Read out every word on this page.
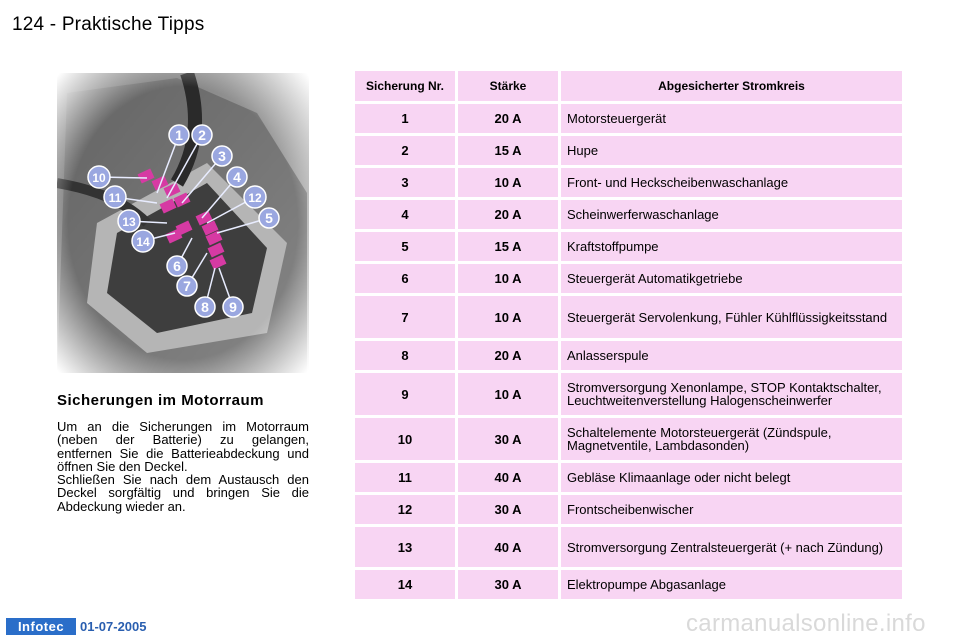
124 - Praktische Tipps
Sicherungen im Motorraum
Um an die Sicherungen im Motorraum (neben der Batterie) zu gelangen, entfernen Sie die Batterieabdeckung und öffnen Sie den Deckel.
Schließen Sie nach dem Austausch den Deckel sorgfältig und bringen Sie die Abdeckung wieder an.
Sicherung Nr.	Stärke	Abgesicherter Stromkreis
1	20 A	Motorsteuergerät
2	15 A	Hupe
3	10 A	Front- und Heckscheibenwaschanlage
4	20 A	Scheinwerferwaschanlage
5	15 A	Kraftstoffpumpe
6	10 A	Steuergerät Automatikgetriebe
7	10 A	Steuergerät Servolenkung, Fühler Kühlflüssigkeitsstand
8	20 A	Anlasserspule
9	10 A	Stromversorgung Xenonlampe, STOP Kontaktschalter, Leuchtweitenverstellung Halogenscheinwerfer
10	30 A	Schaltelemente Motorsteuergerät (Zündspule, Magnetventile, Lambdasonden)
11	40 A	Gebläse Klimaanlage oder nicht belegt
12	30 A	Frontscheibenwischer
13	40 A	Stromversorgung Zentralsteuergerät (+ nach Zündung)
14	30 A	Elektropumpe Abgasanlage
Infotec	01-07-2005	carmanualsonline.info
